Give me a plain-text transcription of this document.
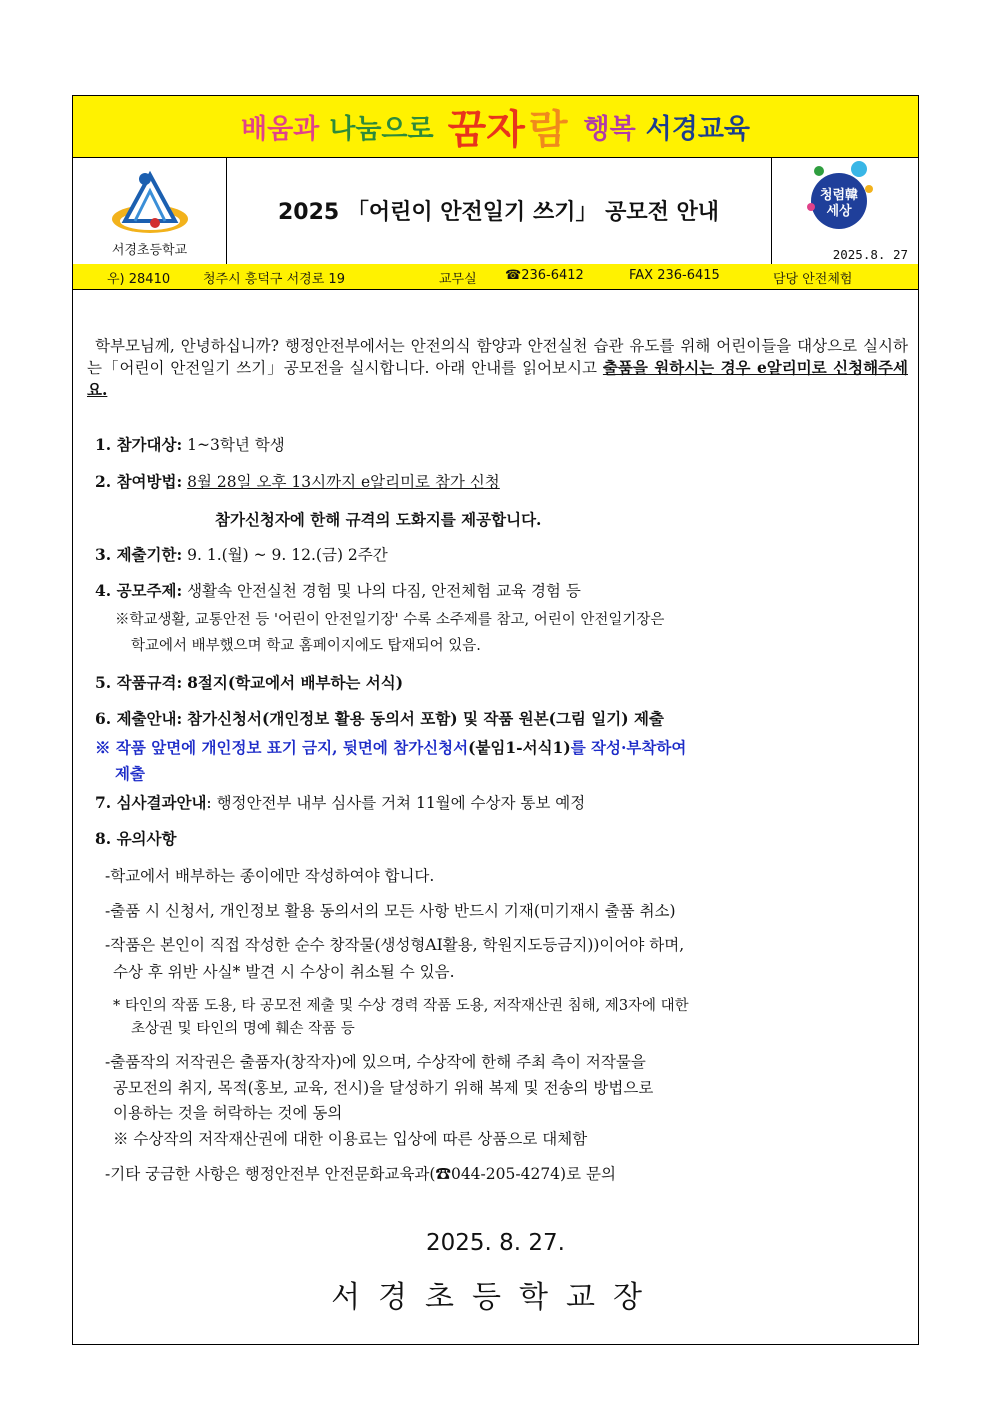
배움과 나눔으로 꿈자 람 행복 서경교육
서경초등학교
2025 「어린이 안전일기 쓰기」 공모전 안내
청렴韓
세상
2025.8. 27
우) 28410	청주시 흥덕구 서경로 19	교무실 ☎236-6412	FAX 236-6415	담당 안전체험

학부모님께, 안녕하십니까? 행정안전부에서는 안전의식 함양과 안전실천 습관 유도를 위해 어린이들을 대상으로 실시하는「어린이 안전일기 쓰기」공모전을 실시합니다. 아래 안내를 읽어보시고 출품을 원하시는 경우 e알리미로 신청해주세요.

1. 참가대상: 1~3학년 학생
2. 참여방법: 8월 28일 오후 13시까지 e알리미로 참가 신청
참가신청자에 한해 규격의 도화지를 제공합니다.
3. 제출기한: 9. 1.(월) ~ 9. 12.(금) 2주간
4. 공모주제: 생활속 안전실천 경험 및 나의 다짐, 안전체험 교육 경험 등
※학교생활, 교통안전 등 '어린이 안전일기장' 수록 소주제를 참고, 어린이 안전일기장은
학교에서 배부했으며 학교 홈페이지에도 탑재되어 있음.
5. 작품규격: 8절지(학교에서 배부하는 서식)
6. 제출안내: 참가신청서(개인정보 활용 동의서 포함) 및 작품 원본(그림 일기) 제출
※ 작품 앞면에 개인정보 표기 금지, 뒷면에 참가신청서(붙임1-서식1)를 작성·부착하여
제출
7. 심사결과안내: 행정안전부 내부 심사를 거쳐 11월에 수상자 통보 예정
8. 유의사항
-학교에서 배부하는 종이에만 작성하여야 합니다.
-출품 시 신청서, 개인정보 활용 동의서의 모든 사항 반드시 기재(미기재시 출품 취소)
-작품은 본인이 직접 작성한 순수 창작물(생성형AI활용, 학원지도등금지))이어야 하며,
수상 후 위반 사실* 발견 시 수상이 취소될 수 있음.
* 타인의 작품 도용, 타 공모전 제출 및 수상 경력 작품 도용, 저작재산권 침해, 제3자에 대한
초상권 및 타인의 명예 훼손 작품 등
-출품작의 저작권은 출품자(창작자)에 있으며, 수상작에 한해 주최 측이 저작물을
공모전의 취지, 목적(홍보, 교육, 전시)을 달성하기 위해 복제 및 전송의 방법으로
이용하는 것을 허락하는 것에 동의
※ 수상작의 저작재산권에 대한 이용료는 입상에 따른 상품으로 대체함
-기타 궁금한 사항은 행정안전부 안전문화교육과(☎044-205-4274)로 문의
2025. 8. 27.
서경초등학교장
